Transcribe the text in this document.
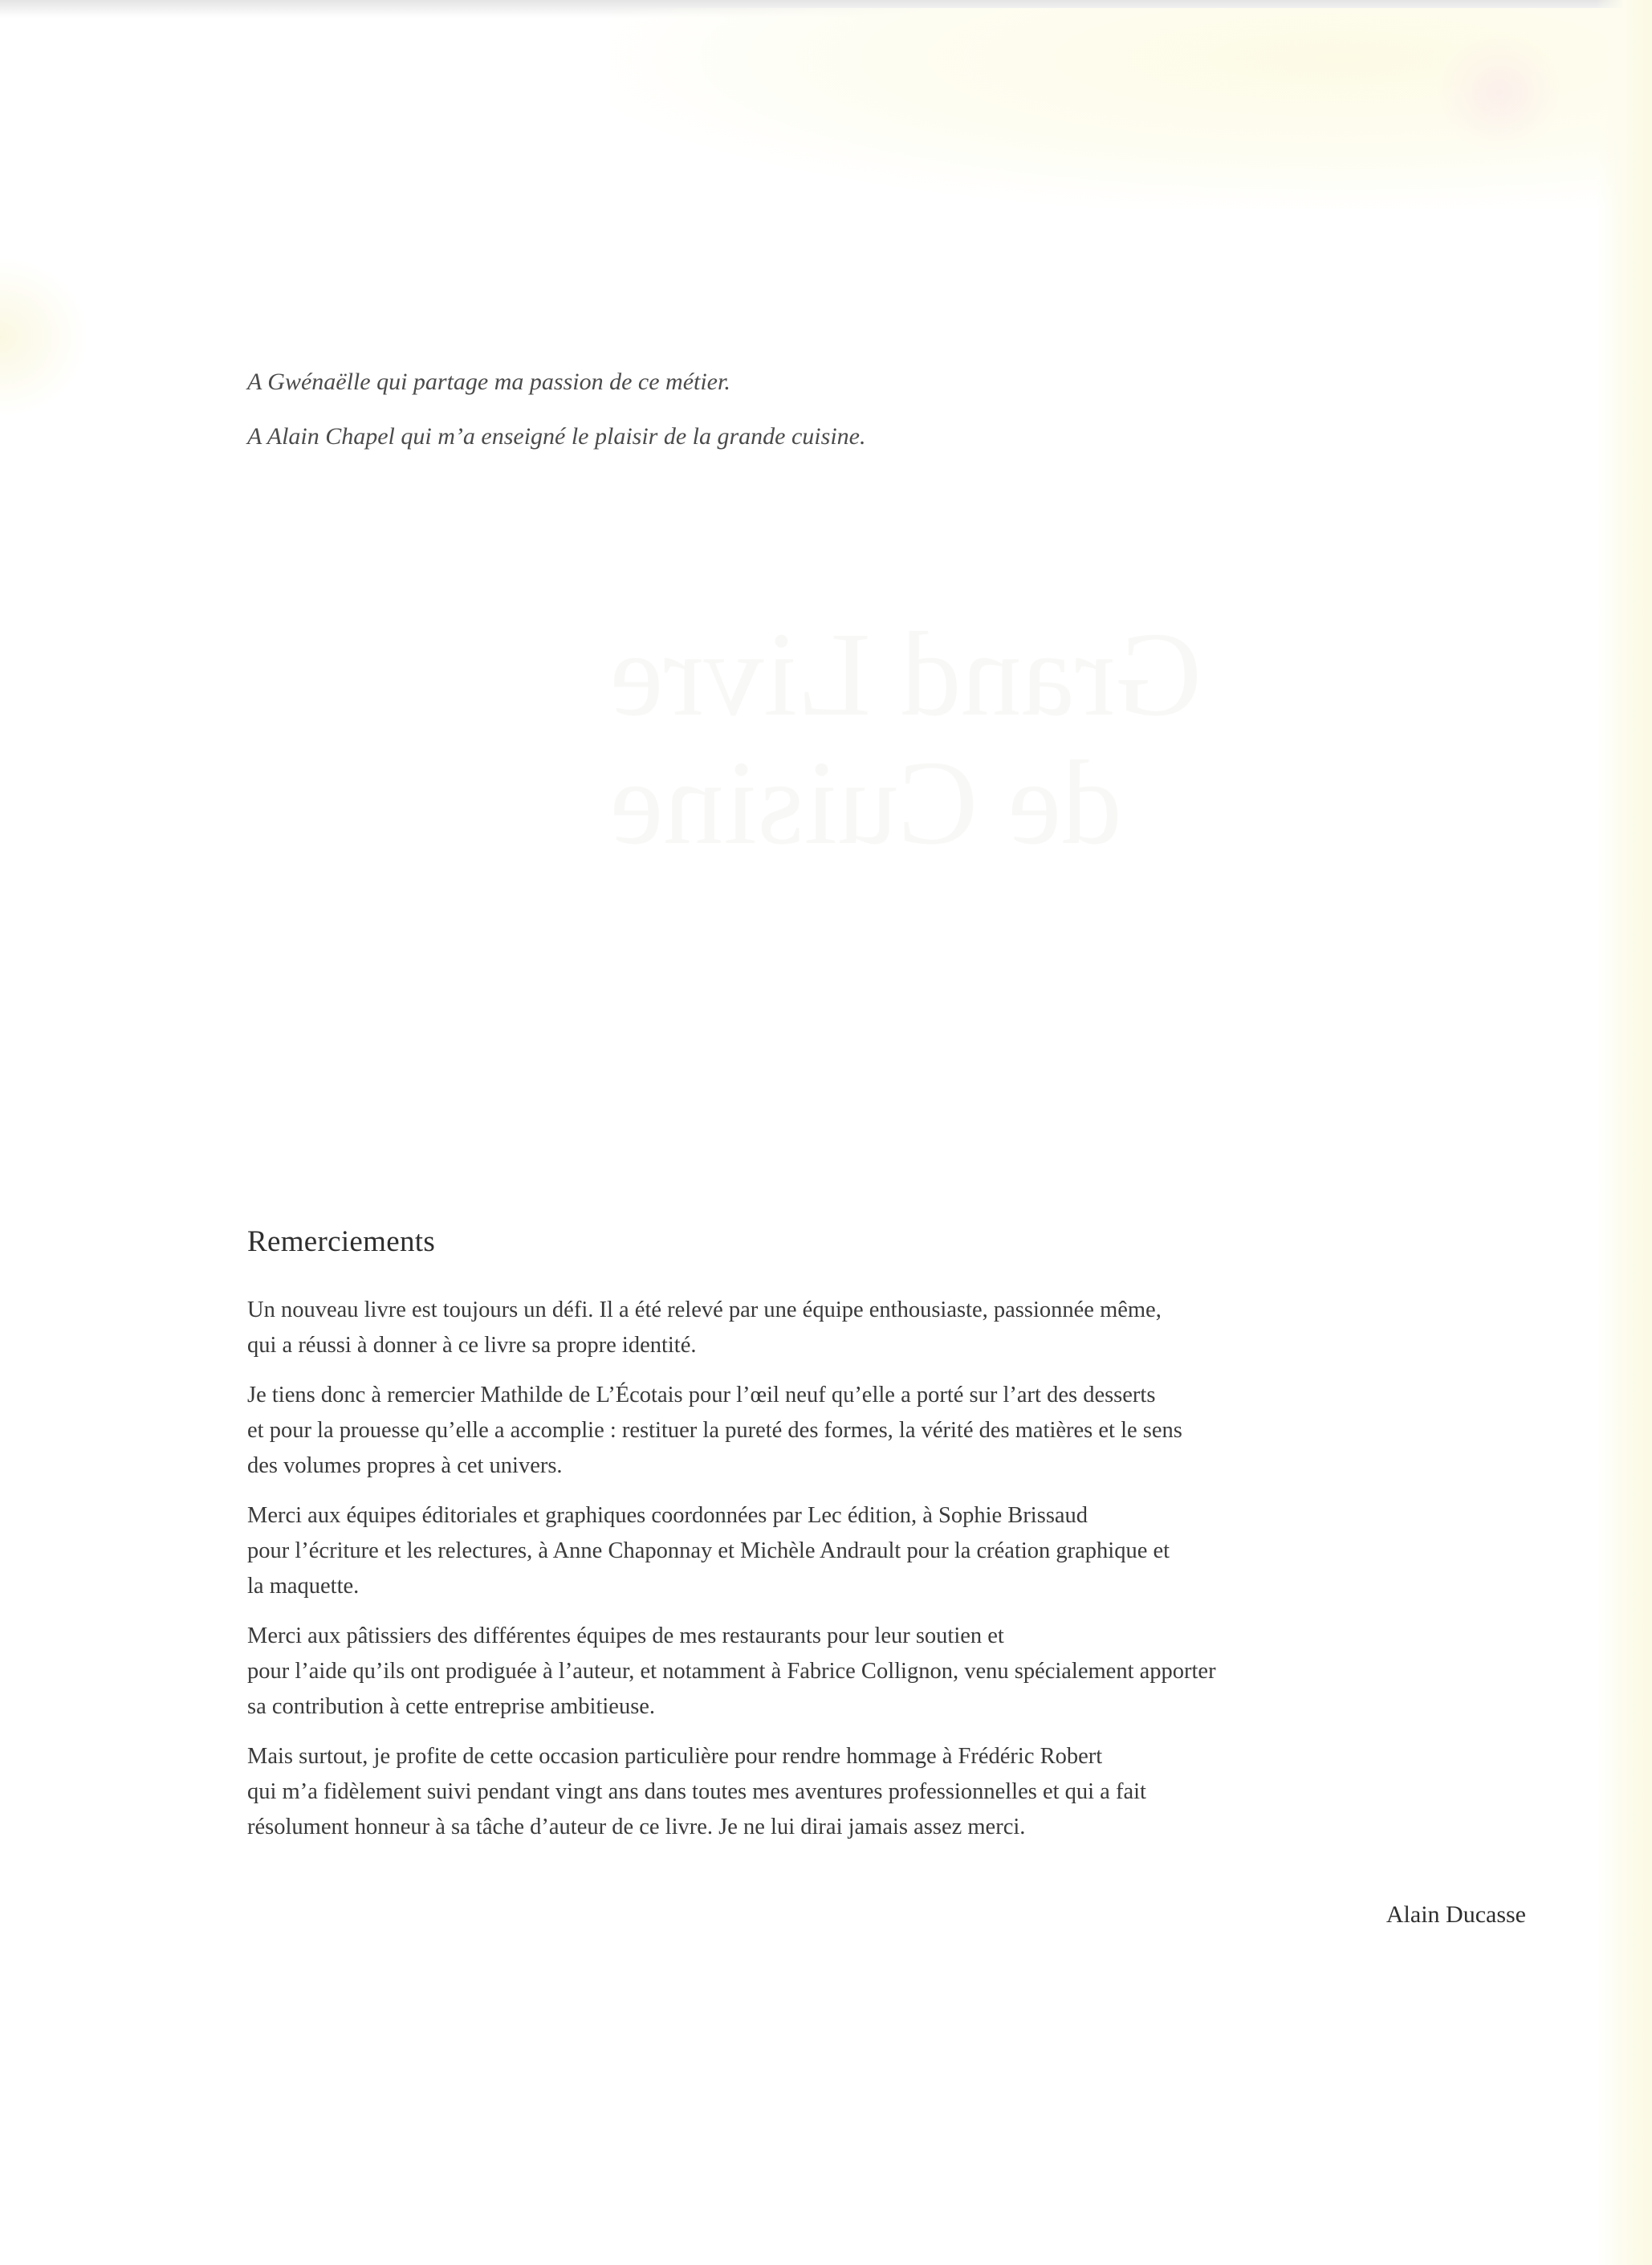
Grand Livre
de Cuisine

A Gwénaëlle qui partage ma passion de ce métier.

A Alain Chapel qui m’a enseigné le plaisir de la grande cuisine.

Remerciements

Un nouveau livre est toujours un défi. Il a été relevé par une équipe enthousiaste, passionnée même,
qui a réussi à donner à ce livre sa propre identité.

Je tiens donc à remercier Mathilde de L’Écotais pour l’œil neuf qu’elle a porté sur l’art des desserts
et pour la prouesse qu’elle a accomplie : restituer la pureté des formes, la vérité des matières et le sens
des volumes propres à cet univers.

Merci aux équipes éditoriales et graphiques coordonnées par Lec édition, à Sophie Brissaud
pour l’écriture et les relectures, à Anne Chaponnay et Michèle Andrault pour la création graphique et
la maquette.

Merci aux pâtissiers des différentes équipes de mes restaurants pour leur soutien et
pour l’aide qu’ils ont prodiguée à l’auteur, et notamment à Fabrice Collignon, venu spécialement apporter
sa contribution à cette entreprise ambitieuse.

Mais surtout, je profite de cette occasion particulière pour rendre hommage à Frédéric Robert
qui m’a fidèlement suivi pendant vingt ans dans toutes mes aventures professionnelles et qui a fait
résolument honneur à sa tâche d’auteur de ce livre. Je ne lui dirai jamais assez merci.

Alain Ducasse
